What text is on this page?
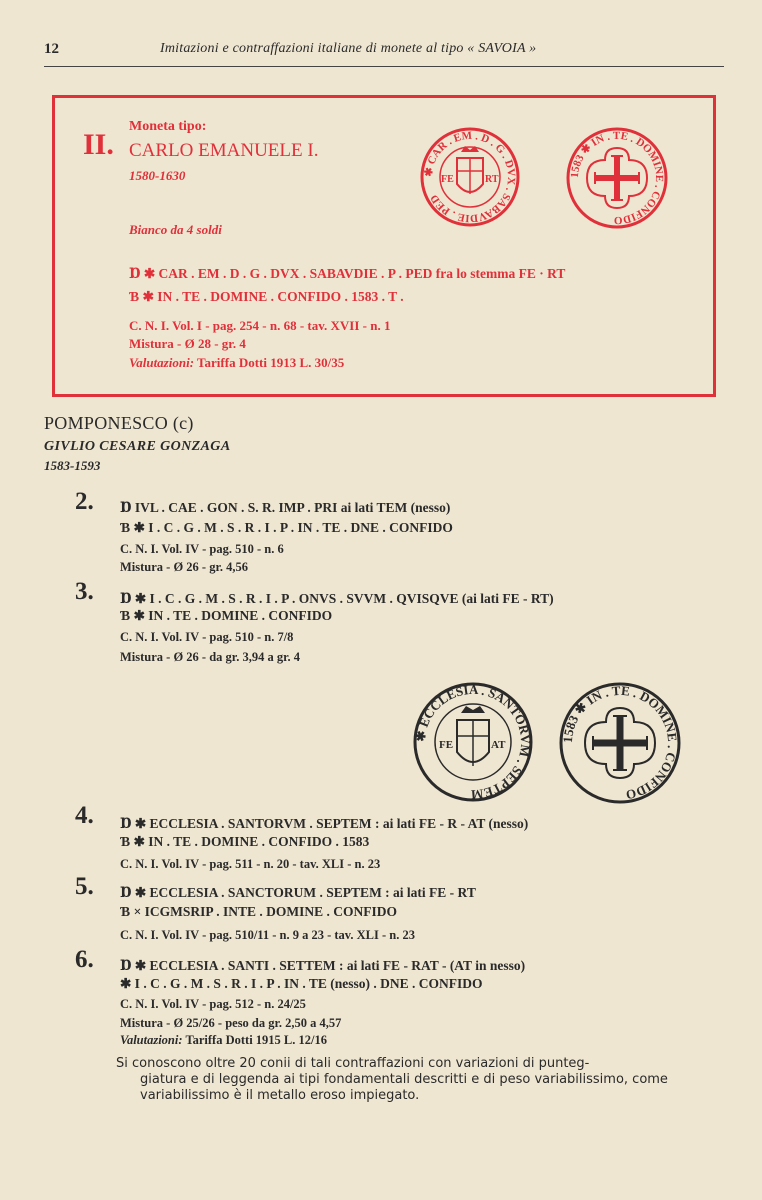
12	Imitazioni e contraffazioni italiane di monete al tipo « SAVOIA »
II.
Moneta tipo:
CARLO EMANUELE I.
1580-1630
Bianco da 4 soldi
Ɒ ✱ CAR . EM . D . G . DVX . SABAVDIE . P . PED fra lo stemma FE · RT
Ɓ ✱ IN . TE . DOMINE . CONFIDO . 1583 . T .
C. N. I. Vol. I - pag. 254 - n. 68 - tav. XVII - n. 1
Mistura - Ø 28 - gr. 4
Valutazioni: Tariffa Dotti 1913 L. 30/35
✱ CAR . EM . D . G . DVX . SABAVDIE . PED
FE	RT	1583 ✱ IN . TE . DOMINE . CONFIDO
POMPONESCO (c)
GIVLIO CESARE GONZAGA
1583-1593
2. Ɒ IVL . CAE . GON . S. R. IMP . PRI ai lati TEM (nesso)
Ɓ ✱ I . C . G . M . S . R . I . P . IN . TE . DNE . CONFIDO
C. N. I. Vol. IV - pag. 510 - n. 6
Mistura - Ø 26 - gr. 4,56
3. Ɒ ✱ I . C . G . M . S . R . I . P . ONVS . SVVM . QVISQVE (ai lati FE - RT)
Ɓ ✱ IN . TE . DOMINE . CONFIDO
C. N. I. Vol. IV - pag. 510 - n. 7/8
Mistura - Ø 26 - da gr. 3,94 a gr. 4
✱ ECCLESIA . SANTORVM . SEPTEM
FE	AT	1583 ✱ IN . TE . DOMINE . CONFIDO
4. Ɒ ✱ ECCLESIA . SANTORVM . SEPTEM : ai lati FE - R - AT (nesso)
Ɓ ✱ IN . TE . DOMINE . CONFIDO . 1583
C. N. I. Vol. IV - pag. 511 - n. 20 - tav. XLI - n. 23
5. Ɒ ✱ ECCLESIA . SANCTORUM . SEPTEM : ai lati FE - RT
Ɓ × ICGMSRIP . INTE . DOMINE . CONFIDO
C. N. I. Vol. IV - pag. 510/11 - n. 9 a 23 - tav. XLI - n. 23
6. Ɒ ✱ ECCLESIA . SANTI . SETTEM : ai lati FE - RAT - (AT in nesso)
✱ I . C . G . M . S . R . I . P . IN . TE (nesso) . DNE . CONFIDO
C. N. I. Vol. IV - pag. 512 - n. 24/25
Mistura - Ø 25/26 - peso da gr. 2,50 a 4,57
Valutazioni: Tariffa Dotti 1915 L. 12/16
Si conoscono oltre 20 conii di tali contraffazioni con variazioni di punteg-
giatura e di leggenda ai tipi fondamentali descritti e di peso variabilissimo, come variabilissimo è il metallo eroso impiegato.
